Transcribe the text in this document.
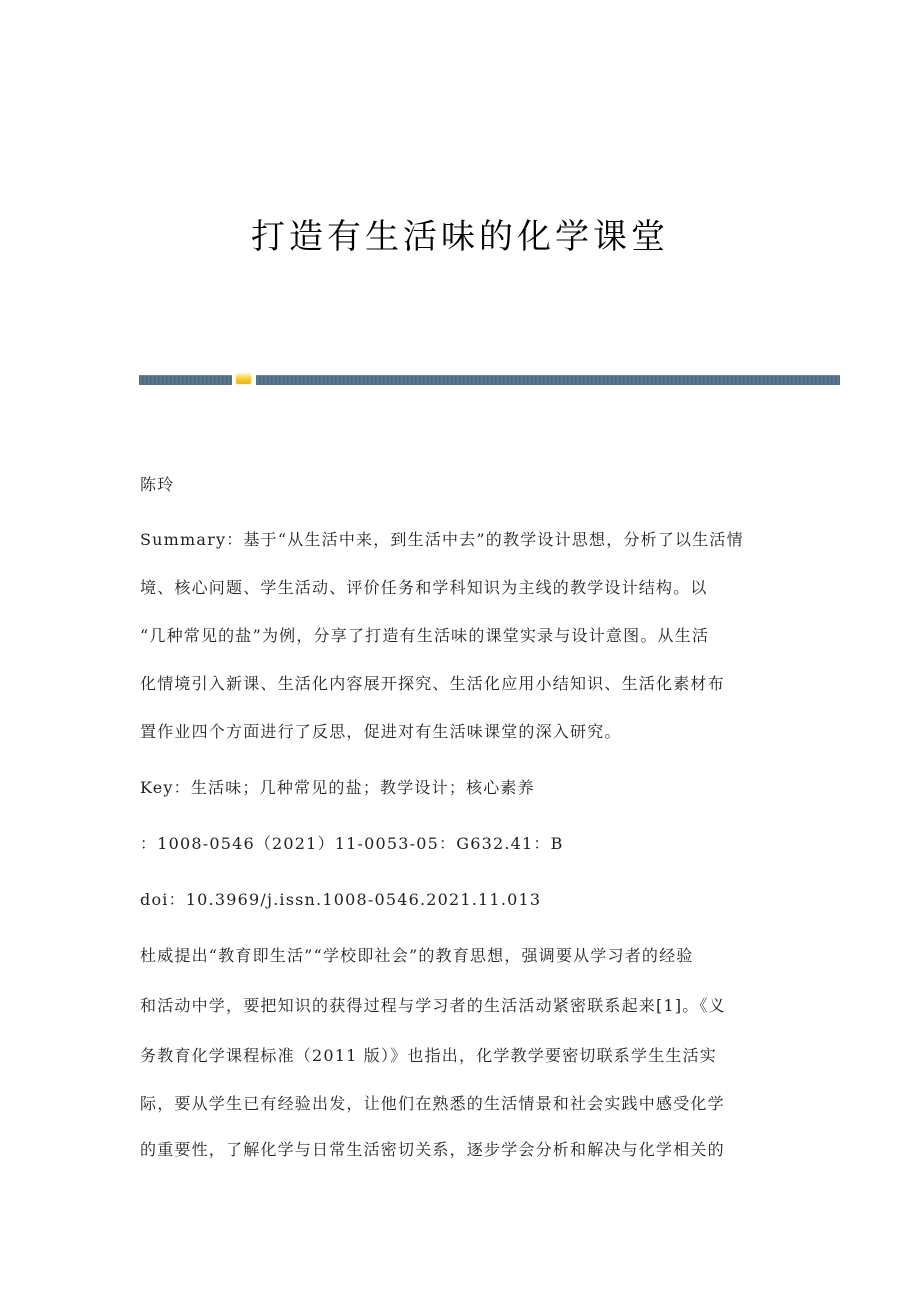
打造有生活味的化学课堂
陈玲
Summary：基于“从生活中来，到生活中去”的教学设计思想，分析了以生活情
境、核心问题、学生活动、评价任务和学科知识为主线的教学设计结构。以
“几种常见的盐”为例，分享了打造有生活味的课堂实录与设计意图。从生活
化情境引入新课、生活化内容展开探究、生活化应用小结知识、生活化素材布
置作业四个方面进行了反思，促进对有生活味课堂的深入研究。
Key：生活味；几种常见的盐；教学设计；核心素养
：1008-0546（2021）11-0053-05：G632.41：B
doi：10.3969/j.issn.1008-0546.2021.11.013
杜威提出“教育即生活”“学校即社会”的教育思想，强调要从学习者的经验
和活动中学，要把知识的获得过程与学习者的生活活动紧密联系起来[1]。《义
务教育化学课程标准（2011 版）》也指出，化学教学要密切联系学生生活实
际，要从学生已有经验出发，让他们在熟悉的生活情景和社会实践中感受化学
的重要性，了解化学与日常生活密切关系，逐步学会分析和解决与化学相关的
